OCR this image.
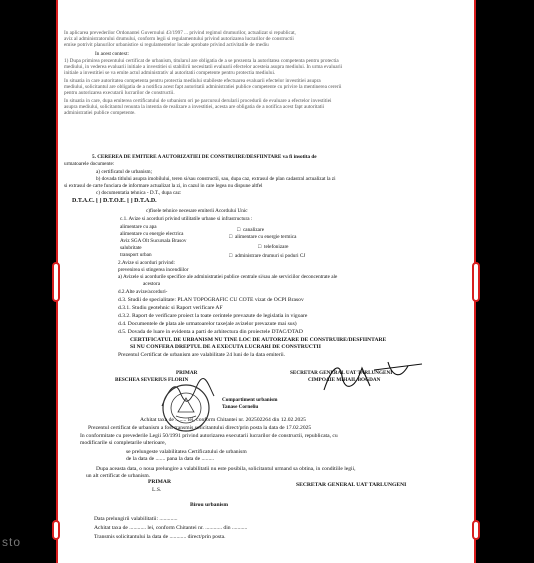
In aplicarea prevederilor Ordonantei Guvernului 43/1997 ... privind regimul drumurilor, actualizat si republicat,
aviz al administratorului drumului, conform legii si regulamentului privind autorizarea lucrarilor de constructii
emise potrivit planurilor urbanistice si regulamentelor locale aprobate privind activitatile de mediu
In acest context:
1) Dupa primirea prezentului certificat de urbanism, titularul are obligatia de a se prezenta la autoritatea competenta pentru protectia
mediului, in vederea evaluarii initiale a investitiei si stabilirii necesitatii evaluarii efectelor acesteia asupra mediului. In urma evaluarii
initiale a investitiei se va emite actul administrativ al autoritatii competente pentru protectia mediului.
In situatia in care autoritatea competenta pentru protectia mediului stabileste efectuarea evaluarii efectelor investitiei asupra
mediului, solicitantul are obligatia de a notifica acest fapt autoritatii administratiei publice competente cu privire la mentinerea cererii
pentru autorizarea executarii lucrarilor de constructii.
In situatia in care, dupa emiterea certificatului de urbanism ori pe parcursul derularii procedurii de evaluare a efectelor investitiei
asupra mediului, solicitantul renunta la intentia de realizare a investitiei, acesta are obligatia de a notifica acest fapt autoritatii
administratiei publice competente.
5. CEREREA DE EMITERE A AUTORIZATIEI DE CONSTRUIRE/DESFIINTARE va fi insotita de
urmatoarele documente:
a) certificatul de urbanism;
b) dovada titlului asupra imobilului, teren si/sau constructii, sau, dupa caz, extrasul de plan cadastral actualizat la zi
si extrasul de carte funciara de informare actualizat la zi, in cazul in care legea nu dispune altfel
c) documentatia tehnica - D.T., dupa caz:
D.T.A.C. [ ] D.T.O.E. [ ] D.T.A.D.
c)fisele tehnice necesare emiterii Acordului Unic
c.1. Avize si acorduri privind utilitatile urbane si infrastructura :
alimentare cu apa
alimentare cu energie electrica
Aviz SGA Olt Sucursala Brasov
salubritate
transport urban
□ canalizare
□ alimentare cu energie termica
□ telefonizare
□ administrare drumuri si poduri CJ
2.Avize si acorduri privind:
prevenirea si stingerea incendiilor
a) Avizele si acordurile specifice ale administratiei publice centrale si/sau ale serviciilor deconcentrate ale
acestora
d.2.Alte avize/acorduri-
d.3. Studii de specialitate: PLAN TOPOGRAFIC CU COTE vizat de OCPI Brasov
d.3.1. Studiu geotehnic si Raport verificare AF
d.3.2. Raport de verificare proiect la toate cerintele prevazute de legislatia in vigoare
d.4. Documentele de plata ale urmatoarelor taxe(ale avizelor prevazute mai sus)
d.5. Dovada de luare in evidenta a parti de arhitectura din proiectele DTAC/DTAD
CERTIFICATUL DE URBANISM NU TINE LOC DE AUTORIZARE DE CONSTRUIRE/DESFIINTARE
SI NU CONFERA DREPTUL DE A EXECUTA LUCRARI DE CONSTRUCTII
Prezentul Certificat de urbanism are valabilitate 24 luni de la data emiterii.
PRIMAR
BESCHEA SEVERIUS FLORIN
SECRETAR GENERAL UAT TARLUNGENI
CIMPOAIE MIHAIL BOGDAN
Compartiment urbanism
Tanase Corneliu
Achitat taxa de ........ lei, conform Chitantei nr. 202502264 din 12.02.2025
Prezentul certificat de urbanism a fost transmis solicitantului direct/prin posta la data de 17.02.2025
In conformitate cu prevederile Legii 50/1991 privind autorizarea executarii lucrarilor de constructii, republicata, cu
modificarile si completarile ulterioare,
se prelungeste valabilitatea Certificatului de urbanism
de la data de ....... pana la data de .........
Dupa aceasta data, o noua prelungire a valabilitatii nu este posibila, solicitantul urmand sa obtina, in conditiile legii,
un alt certificat de urbanism.
PRIMAR
L.S.
SECRETAR GENERAL UAT TARLUNGENI
Birou urbanism
Data prelungirii valabilitatii: .............
Achitat taxa de ............ lei, conform Chitantei nr. ............ din ...........
Transmis solicitantului la data de ............ direct/prin posta.
sto
